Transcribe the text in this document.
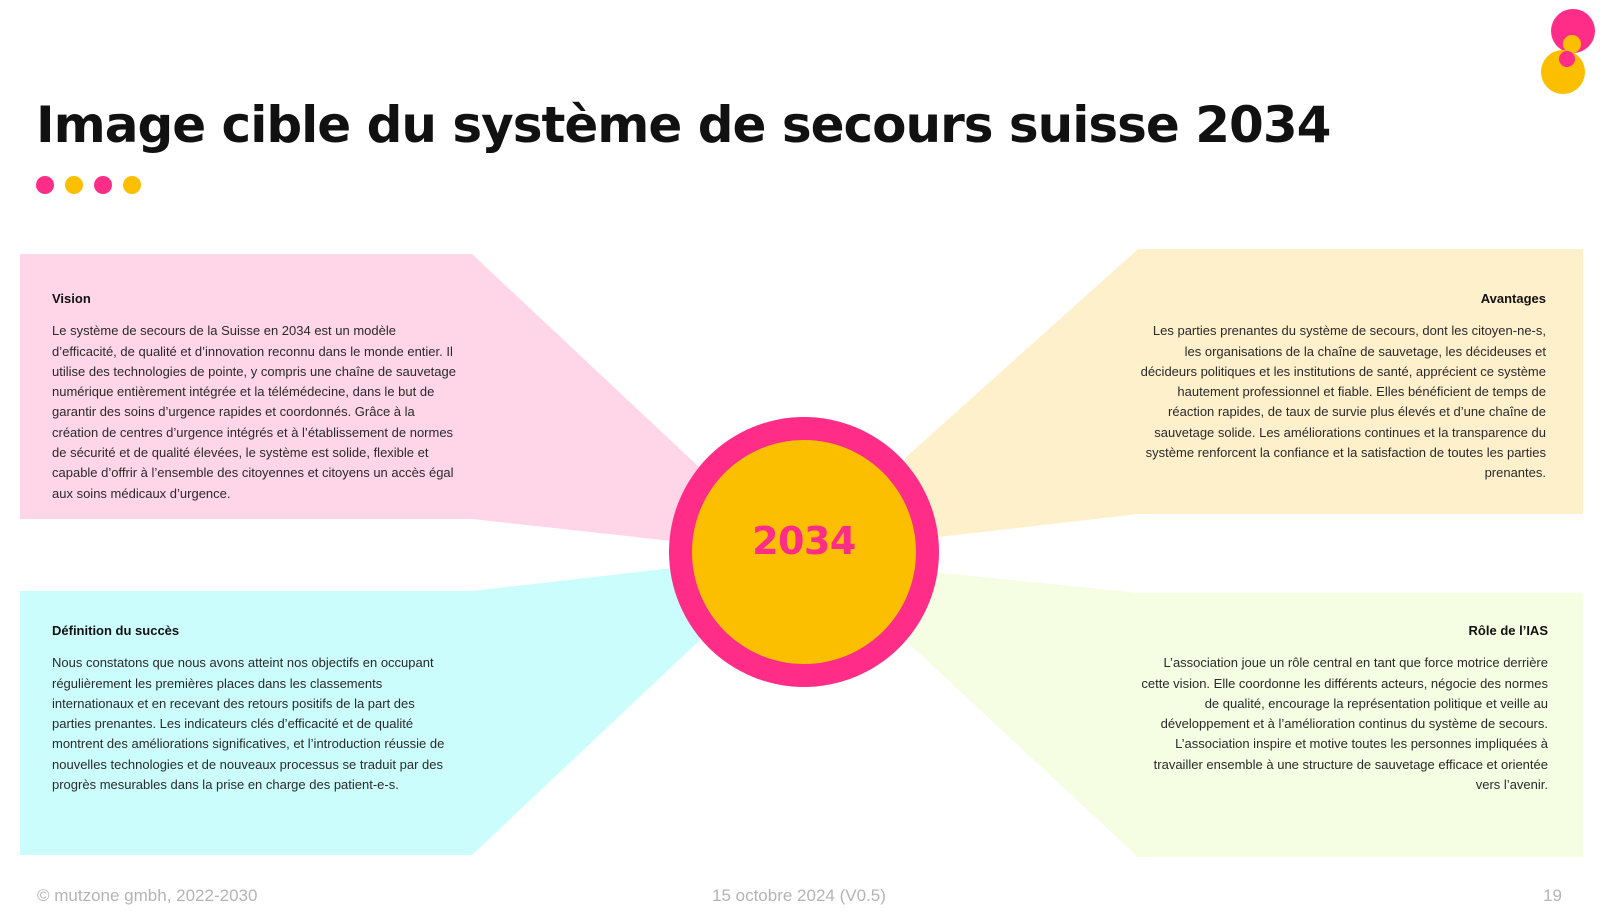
Image cible du système de secours suisse 2034
2034
Vision

Le système de secours de la Suisse en 2034 est un modèle d’efficacité, de qualité et d’innovation reconnu dans le monde entier. Il utilise des technologies de pointe, y compris une chaîne de sauvetage numérique entièrement intégrée et la télémédecine, dans le but de garantir des soins d’urgence rapides et coordonnés. Grâce à la création de centres d’urgence intégrés et à l’établissement de normes de sécurité et de qualité élevées, le système est solide, flexible et capable d’offrir à l’ensemble des citoyennes et citoyens un accès égal aux soins médicaux d’urgence.

Avantages

Les parties prenantes du système de secours, dont les citoyen-ne-s, les organisations de la chaîne de sauvetage, les décideuses et décideurs politiques et les institutions de santé, apprécient ce système hautement professionnel et fiable. Elles bénéficient de temps de réaction rapides, de taux de survie plus élevés et d’une chaîne de sauvetage solide. Les améliorations continues et la transparence du système renforcent la confiance et la satisfaction de toutes les parties prenantes.

Définition du succès

Nous constatons que nous avons atteint nos objectifs en occupant régulièrement les premières places dans les classements internationaux et en recevant des retours positifs de la part des parties prenantes. Les indicateurs clés d’efficacité et de qualité montrent des améliorations significatives, et l’introduction réussie de nouvelles technologies et de nouveaux processus se traduit par des progrès mesurables dans la prise en charge des patient-e-s.

Rôle de l’IAS

L’association joue un rôle central en tant que force motrice derrière cette vision. Elle coordonne les différents acteurs, négocie des normes de qualité, encourage la représentation politique et veille au développement et à l’amélioration continus du système de secours. L’association inspire et motive toutes les personnes impliquées à travailler ensemble à une structure de sauvetage efficace et orientée vers l’avenir.

© mutzone gmbh, 2022-2030	15 octobre 2024 (V0.5)	19
